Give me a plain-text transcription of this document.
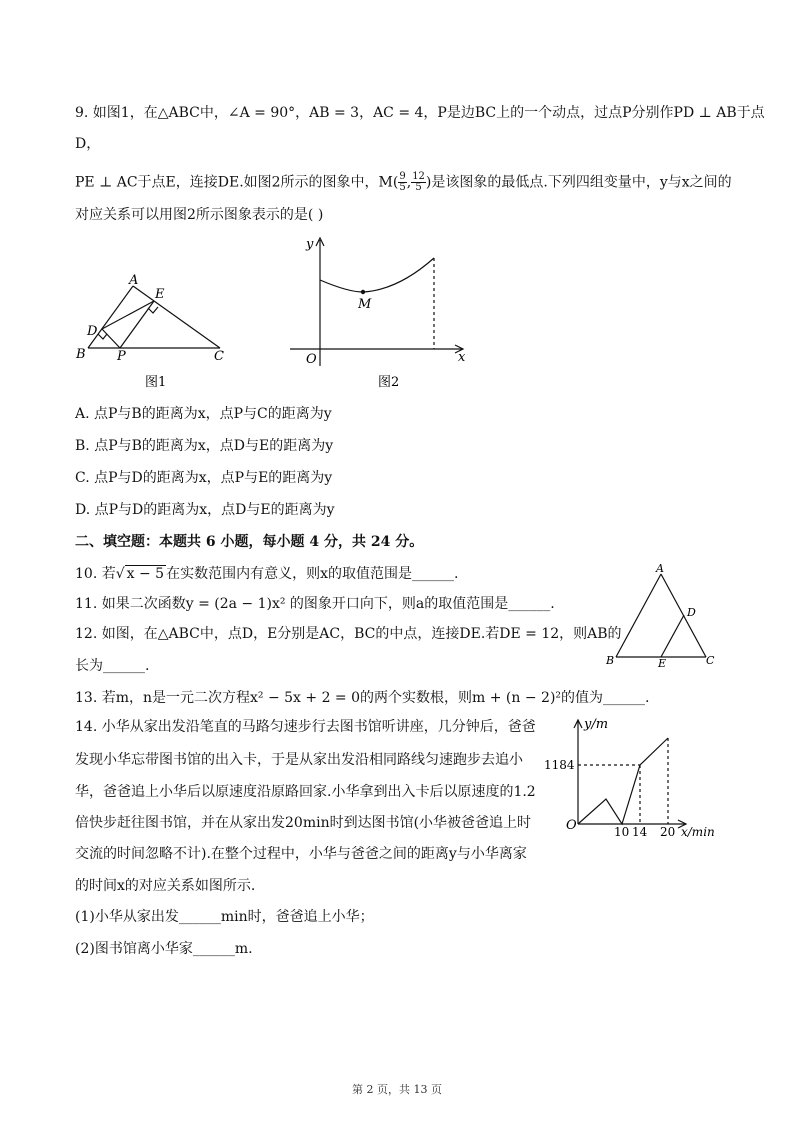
9. 如图1，在△ABC中，∠A = 90°，AB = 3，AC = 4，P是边BC上的一个动点，过点P分别作PD ⊥ AB于点
D，
PE ⊥ AC于点E，连接DE.如图2所示的图象中，$M( \frac{9}{5}$ , $\frac{12}{5}$ )是该图象的最低点.下列四组变量中，y与x之间的
对应关系可以用图2所示图象表示的是( )
A
E
D
B P	C
图1
y
M
O	x
图2
A. 点P与B的距离为x，点P与C的距离为y
B. 点P与B的距离为x，点D与E的距离为y
C. 点P与D的距离为x，点P与E的距离为y
D. 点P与D的距离为x，点D与E的距离为y
二、填空题：本题共 6 小题，每小题 4 分，共 24 分。
10. 若√ x − 5 在实数范围内有意义，则x的取值范围是______.
11. 如果二次函数y = (2a − 1)x² 的图象开口向下，则a的取值范围是______.
12. 如图，在△ABC中，点D，E分别是AC，BC的中点，连接DE.若DE = 12，则AB的
长为______.
A
D
B	E	C
13. 若m，n是一元二次方程x² − 5x + 2 = 0的两个实数根，则m + (n − 2)²的值为______.
14. 小华从家出发沿笔直的马路匀速步行去图书馆听讲座，几分钟后，爸爸
发现小华忘带图书馆的出入卡，于是从家出发沿相同路线匀速跑步去追小
华，爸爸追上小华后以原速度沿原路回家.小华拿到出入卡后以原速度的1.2
倍快步赶往图书馆，并在从家出发20min时到达图书馆(小华被爸爸追上时
交流的时间忽略不计).在整个过程中，小华与爸爸之间的距离y与小华离家
的时间x的对应关系如图所示.
(1)小华从家出发______min时，爸爸追上小华；
(2)图书馆离小华家______m.
y/m
1184
O	10 14 20 x/min
第 2 页，共 13 页
